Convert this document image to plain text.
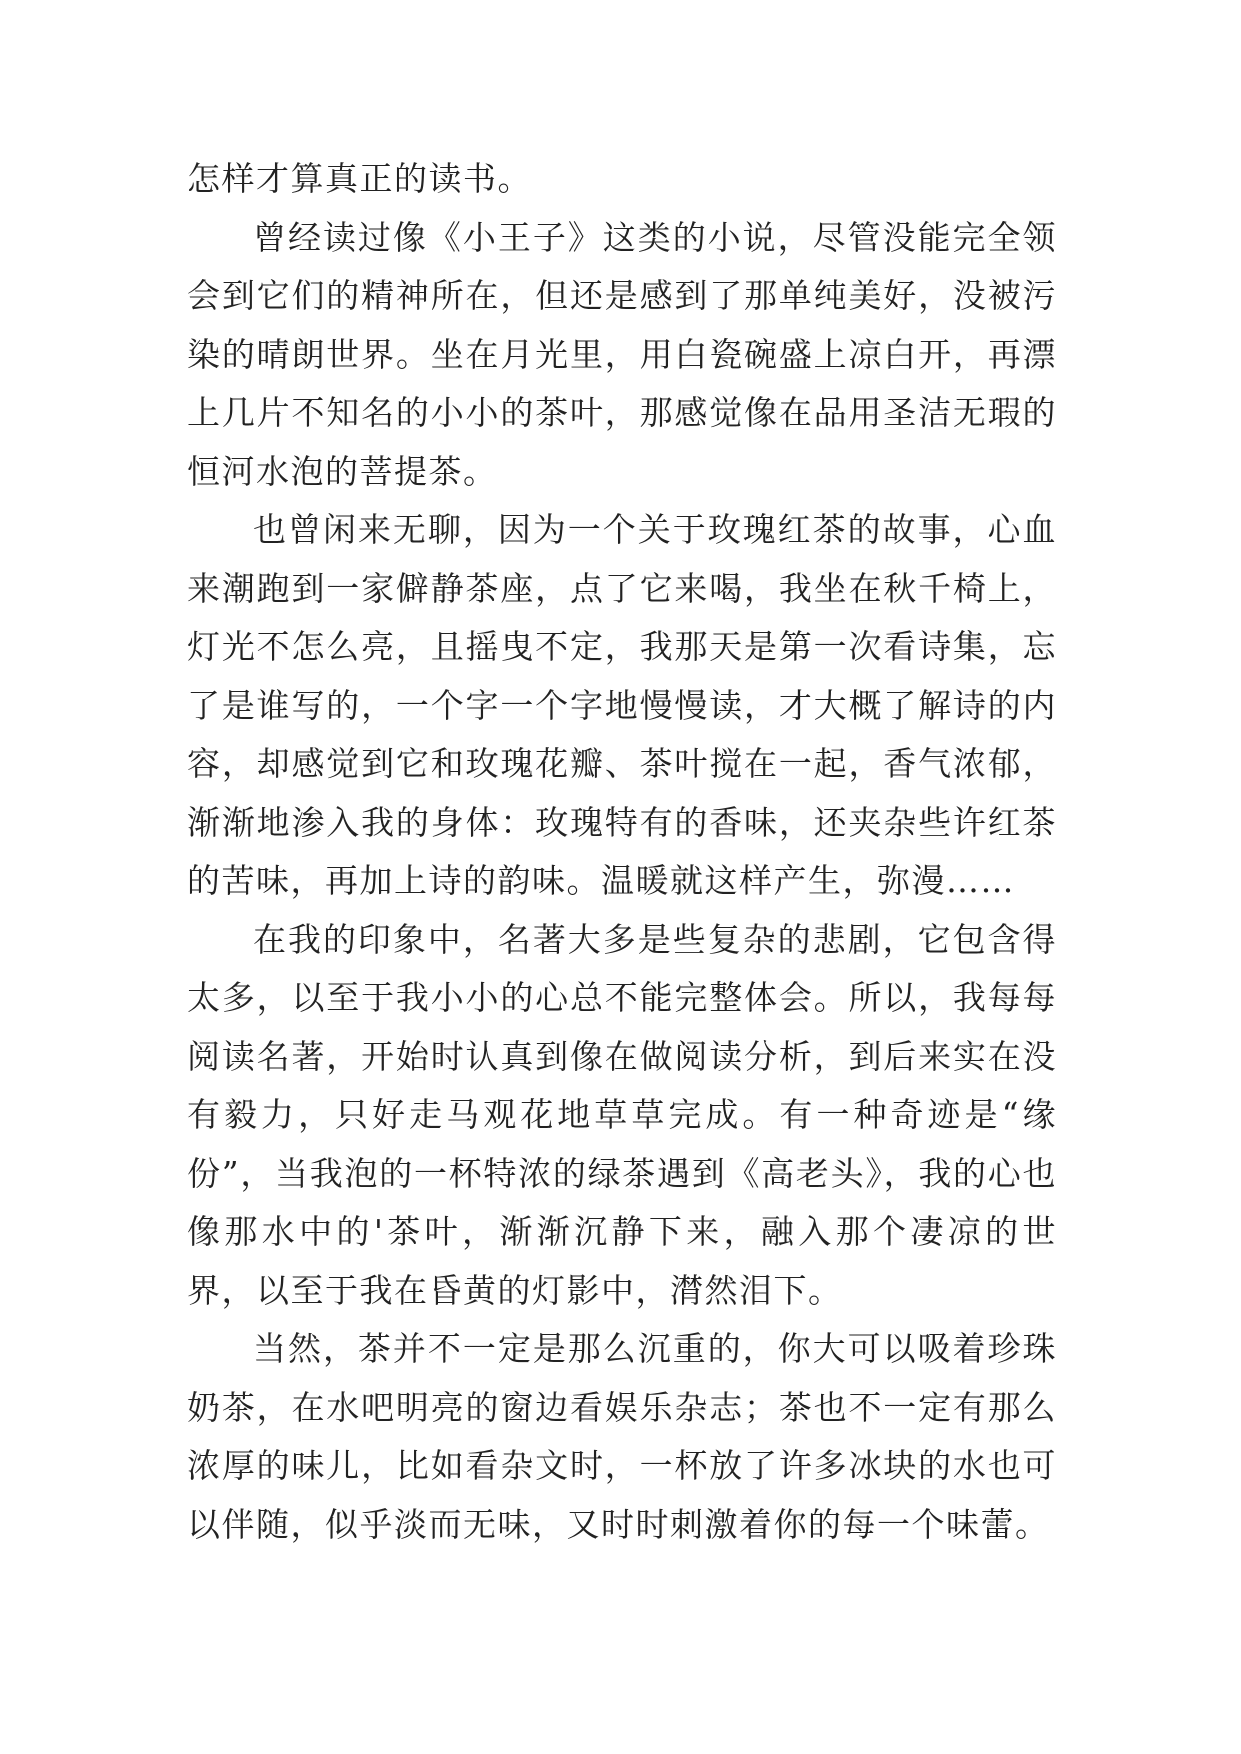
怎样才算真正的读书。

曾经读过像《小王子》这类的小说，尽管没能完全领会到它们的精神所在，但还是感到了那单纯美好，没被污染的晴朗世界。坐在月光里，用白瓷碗盛上凉白开，再漂上几片不知名的小小的茶叶，那感觉像在品用圣洁无瑕的恒河水泡的菩提茶。

也曾闲来无聊，因为一个关于玫瑰红茶的故事，心血来潮跑到一家僻静茶座，点了它来喝，我坐在秋千椅上，灯光不怎么亮，且摇曳不定，我那天是第一次看诗集，忘了是谁写的，一个字一个字地慢慢读，才大概了解诗的内容，却感觉到它和玫瑰花瓣、茶叶搅在一起，香气浓郁，渐渐地渗入我的身体：玫瑰特有的香味，还夹杂些许红茶的苦味，再加上诗的韵味。温暖就这样产生，弥漫……

在我的印象中，名著大多是些复杂的悲剧，它包含得太多，以至于我小小的心总不能完整体会。所以，我每每阅读名著，开始时认真到像在做阅读分析，到后来实在没有毅力，只好走马观花地草草完成。有一种奇迹是“缘份”，当我泡的一杯特浓的绿茶遇到《高老头》，我的心也像那水中的'茶叶，渐渐沉静下来，融入那个凄凉的世界，以至于我在昏黄的灯影中，潸然泪下。

当然，茶并不一定是那么沉重的，你大可以吸着珍珠奶茶，在水吧明亮的窗边看娱乐杂志；茶也不一定有那么浓厚的味儿，比如看杂文时，一杯放了许多冰块的水也可以伴随，似乎淡而无味，又时时刺激着你的每一个味蕾。
